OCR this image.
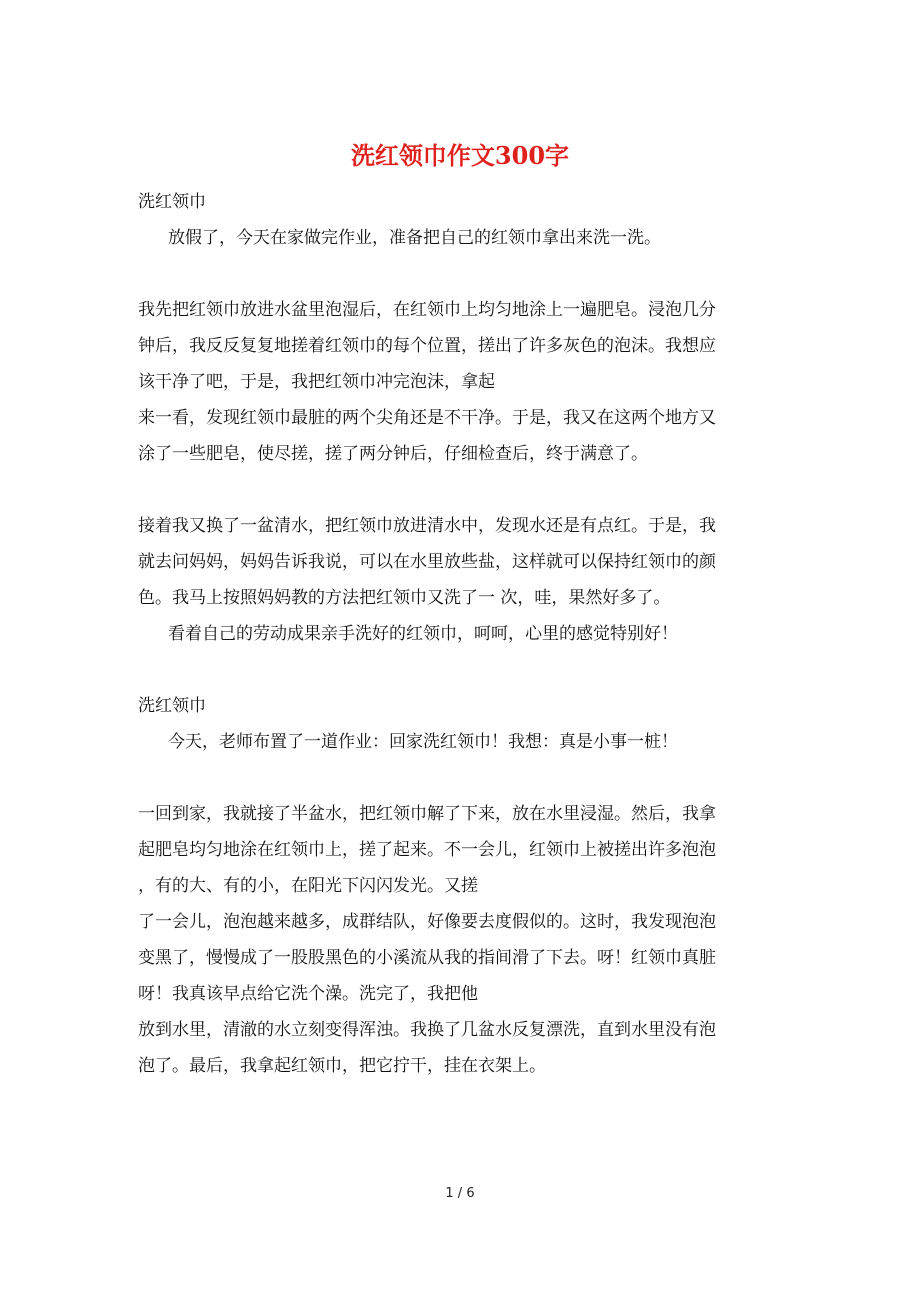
洗红领巾作文300字
洗红领巾
放假了，今天在家做完作业，准备把自己的红领巾拿出来洗一洗。
我先把红领巾放进水盆里泡湿后，在红领巾上均匀地涂上一遍肥皂。浸泡几分
钟后，我反反复复地搓着红领巾的每个位置，搓出了许多灰色的泡沫。我想应
该干净了吧，于是，我把红领巾冲完泡沫，拿起
来一看，发现红领巾最脏的两个尖角还是不干净。于是，我又在这两个地方又
涂了一些肥皂，使尽搓，搓了两分钟后，仔细检查后，终于满意了。
接着我又换了一盆清水，把红领巾放进清水中，发现水还是有点红。于是，我
就去问妈妈，妈妈告诉我说，可以在水里放些盐，这样就可以保持红领巾的颜
色。我马上按照妈妈教的方法把红领巾又洗了一 次，哇，果然好多了。
看着自己的劳动成果亲手洗好的红领巾，呵呵，心里的感觉特别好！
洗红领巾
今天，老师布置了一道作业：回家洗红领巾！我想：真是小事一桩！
一回到家，我就接了半盆水，把红领巾解了下来，放在水里浸湿。然后，我拿
起肥皂均匀地涂在红领巾上，搓了起来。不一会儿，红领巾上被搓出许多泡泡
，有的大、有的小，在阳光下闪闪发光。又搓
了一会儿，泡泡越来越多，成群结队，好像要去度假似的。这时，我发现泡泡
变黑了，慢慢成了一股股黑色的小溪流从我的指间滑了下去。呀！红领巾真脏
呀！我真该早点给它洗个澡。洗完了，我把他
放到水里，清澈的水立刻变得浑浊。我换了几盆水反复漂洗，直到水里没有泡
泡了。最后，我拿起红领巾，把它拧干，挂在衣架上。
1 / 6
